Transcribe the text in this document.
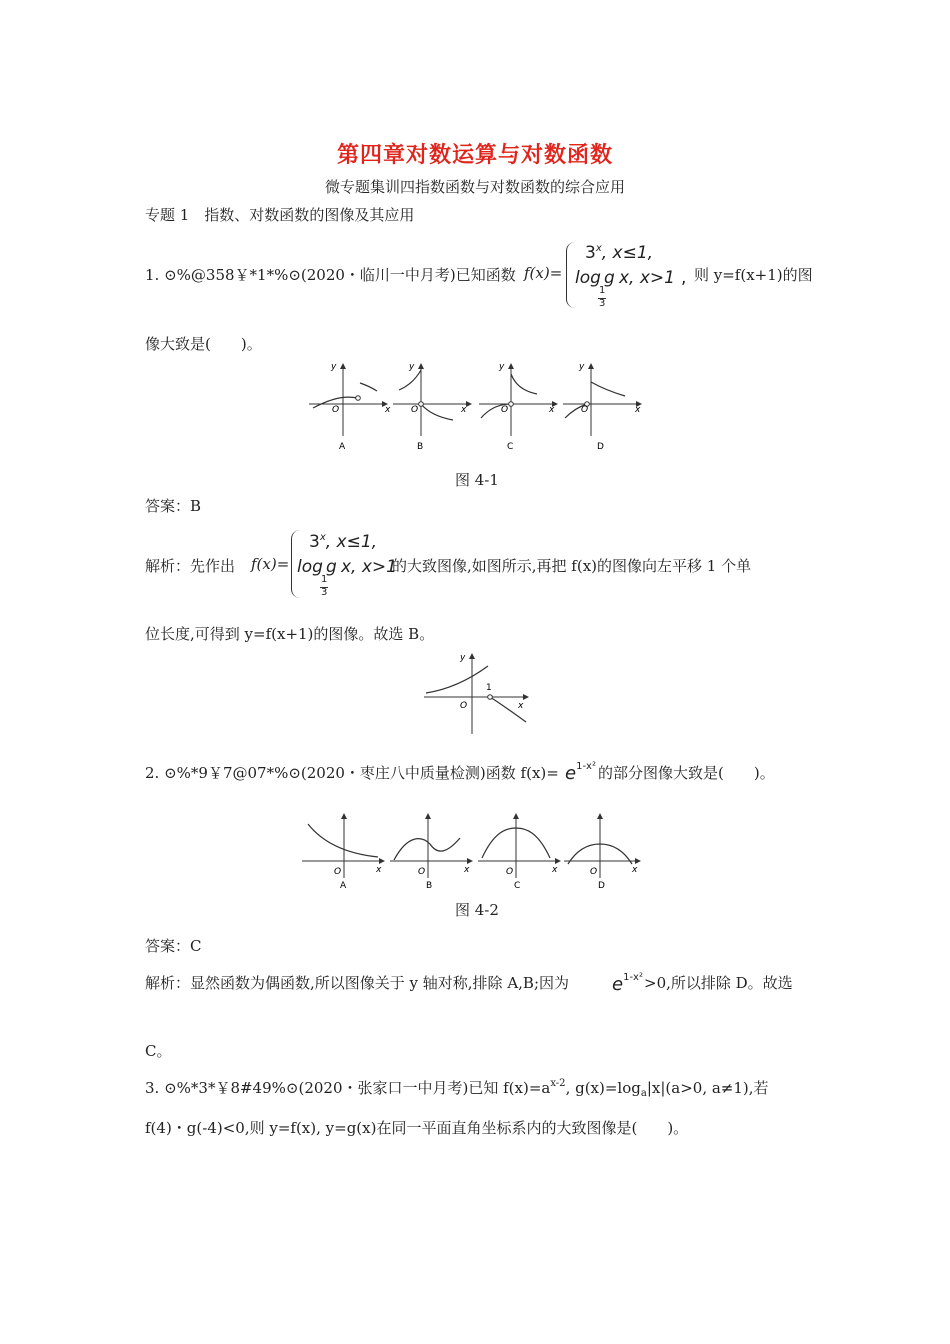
第四章对数运算与对数函数
微专题集训四指数函数与对数函数的综合应用
专题 1　指数、对数函数的图像及其应用
1. ⊙%@358￥*1*%⊙(2020・临川一中月考)已知函数 f(x)=
$3^x$, x≤1,
log g
1
3
x, x>1 , 则 y=f(x+1)的图
像大致是(　　)。
y
x
O
A
y
x
O
B
y
x
O
C
y
x
O
D
图 4-1
答案：B
解析：先作出 f(x)=
$3^x$, x≤1,
log g
1
3
x, x>1
的大致图像,如图所示,再把 f(x)的图像向左平移 1 个单
位长度,可得到 y=f(x+1)的图像。故选 B。
y
x
O
1
2. ⊙%*9￥7@07*%⊙(2020・枣庄八中质量检测)函数 $f(x)= e^{1-x^2}$ 的部分图像大致是(　　)。
O	x
A
O	x
B
O	x
C
O	x
D
图 4-2
答案：C
解析：显然函数为偶函数,所以图像关于 y 轴对称,排除 A,B;因为 $e^{1-x^2} >0$,所以排除 D。故选
C。
3. ⊙%*3*￥8#49%⊙(2020・张家口一中月考)已知 $f(x)=a^{x-2}$, $g(x)=\log_a|x|(a>0$, a≠1),若
f(4)・g(-4)<0,则 y=f(x), y=g(x)在同一平面直角坐标系内的大致图像是(　　)。
